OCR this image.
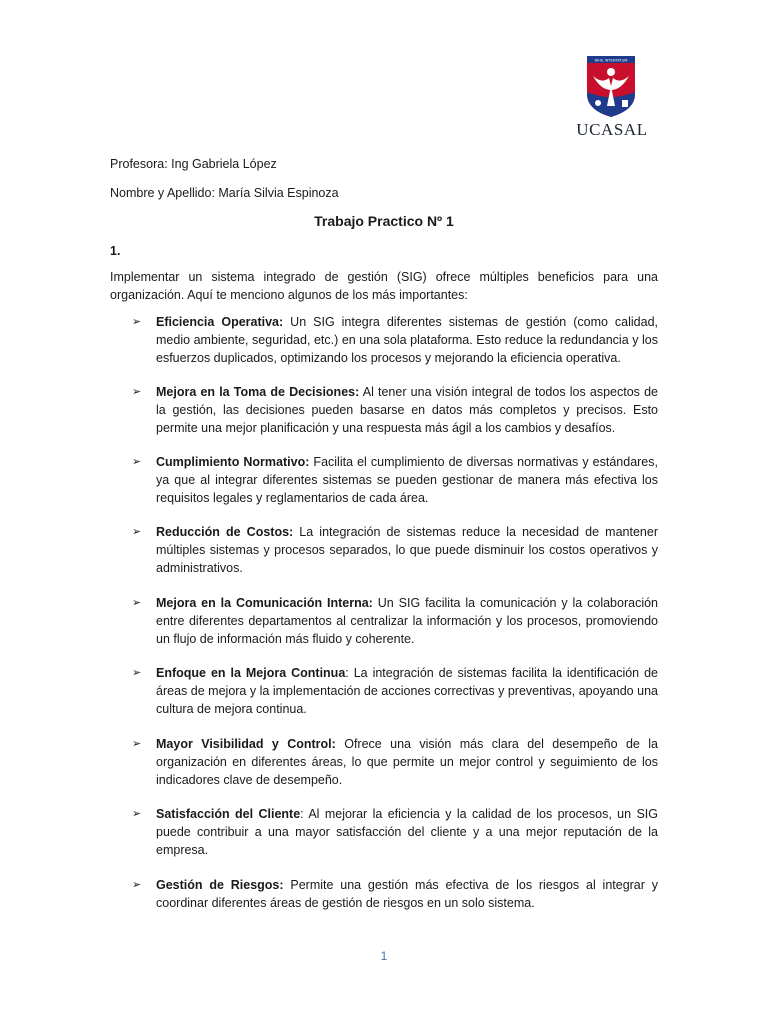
NIHIL INTENTATUM
UCASAL
Profesora: Ing Gabriela López
Nombre y Apellido: María Silvia Espinoza
Trabajo Practico Nº 1
1.

Implementar un sistema integrado de gestión (SIG) ofrece múltiples beneficios para una organización. Aquí te menciono algunos de los más importantes:

➢ Eficiencia Operativa: Un SIG integra diferentes sistemas de gestión (como calidad, medio ambiente, seguridad, etc.) en una sola plataforma. Esto reduce la redundancia y los esfuerzos duplicados, optimizando los procesos y mejorando la eficiencia operativa.

➢ Mejora en la Toma de Decisiones: Al tener una visión integral de todos los aspectos de la gestión, las decisiones pueden basarse en datos más completos y precisos. Esto permite una mejor planificación y una respuesta más ágil a los cambios y desafíos.

➢ Cumplimiento Normativo: Facilita el cumplimiento de diversas normativas y estándares, ya que al integrar diferentes sistemas se pueden gestionar de manera más efectiva los requisitos legales y reglamentarios de cada área.

➢ Reducción de Costos: La integración de sistemas reduce la necesidad de mantener múltiples sistemas y procesos separados, lo que puede disminuir los costos operativos y administrativos.

➢ Mejora en la Comunicación Interna: Un SIG facilita la comunicación y la colaboración entre diferentes departamentos al centralizar la información y los procesos, promoviendo un flujo de información más fluido y coherente.

➢ Enfoque en la Mejora Continua: La integración de sistemas facilita la identificación de áreas de mejora y la implementación de acciones correctivas y preventivas, apoyando una cultura de mejora continua.

➢ Mayor Visibilidad y Control: Ofrece una visión más clara del desempeño de la organización en diferentes áreas, lo que permite un mejor control y seguimiento de los indicadores clave de desempeño.

➢ Satisfacción del Cliente: Al mejorar la eficiencia y la calidad de los procesos, un SIG puede contribuir a una mayor satisfacción del cliente y a una mejor reputación de la empresa.

➢ Gestión de Riesgos: Permite una gestión más efectiva de los riesgos al integrar y coordinar diferentes áreas de gestión de riesgos en un solo sistema.

1
